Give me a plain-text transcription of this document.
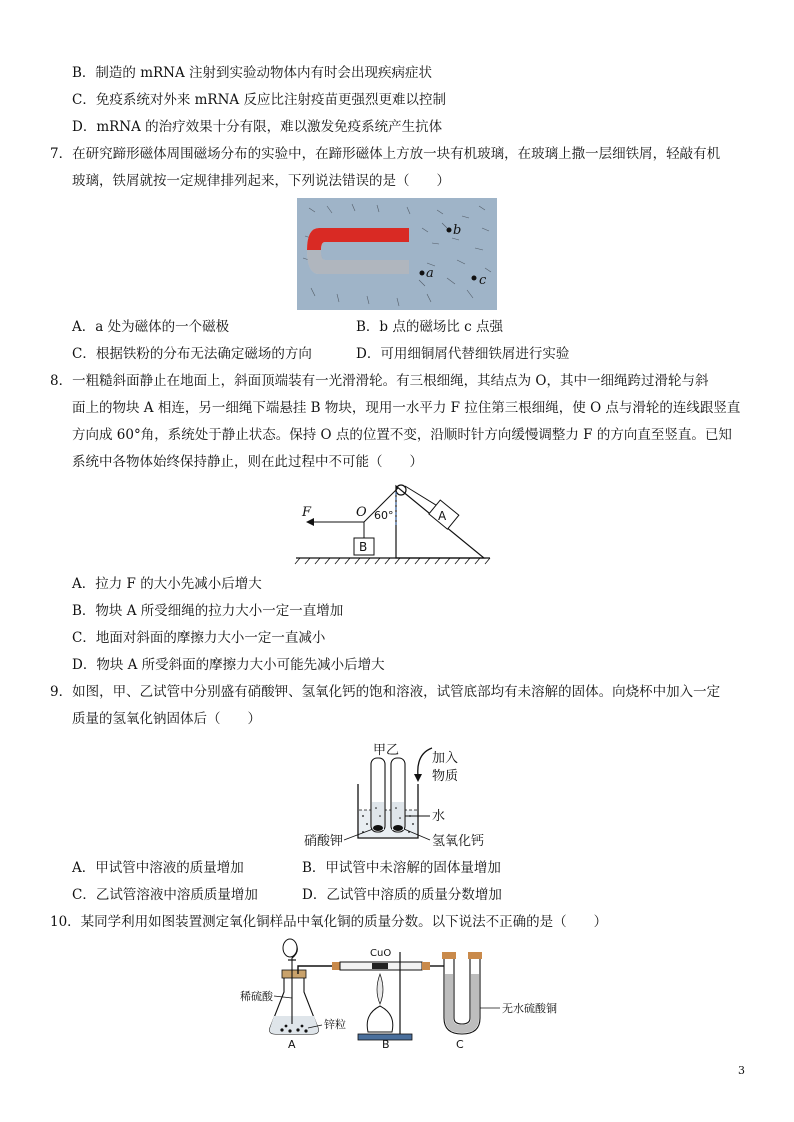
B．制造的 mRNA 注射到实验动物体内有时会出现疾病症状
C．免疫系统对外来 mRNA 反应比注射疫苗更强烈更难以控制
D．mRNA 的治疗效果十分有限，难以激发免疫系统产生抗体
7．在研究蹄形磁体周围磁场分布的实验中，在蹄形磁体上方放一块有机玻璃，在玻璃上撒一层细铁屑，轻敲有机
玻璃，铁屑就按一定规律排列起来，下列说法错误的是（　　）
b
a	c
A．a 处为磁体的一个磁极	B．b 点的磁场比 c 点强
C．根据铁粉的分布无法确定磁场的方向	D．可用细铜屑代替细铁屑进行实验
8．一粗糙斜面静止在地面上，斜面顶端装有一光滑滑轮。有三根细绳，其结点为 O，其中一细绳跨过滑轮与斜
面上的物块 A 相连，另一细绳下端悬挂 B 物块，现用一水平力 F 拉住第三根细绳，使 O 点与滑轮的连线跟竖直
方向成 60°角，系统处于静止状态。保持 O 点的位置不变，沿顺时针方向缓慢调整力 F 的方向直至竖直。已知
系统中各物体始终保持静止，则在此过程中不可能（　　）
A
F	O 60°
B
A．拉力 F 的大小先减小后增大
B．物块 A 所受细绳的拉力大小一定一直增加
C．地面对斜面的摩擦力大小一定一直减小
D．物块 A 所受斜面的摩擦力大小可能先减小后增大
9．如图，甲、乙试管中分别盛有硝酸钾、氢氧化钙的饱和溶液，试管底部均有未溶解的固体。向烧杯中加入一定
质量的氢氧化钠固体后（　　）
甲乙
加入
物质
水
氢氧化钙
硝酸钾
A．甲试管中溶液的质量增加	B．甲试管中未溶解的固体量增加
C．乙试管溶液中溶质质量增加	D．乙试管中溶质的质量分数增加
10．某同学利用如图装置测定氧化铜样品中氧化铜的质量分数。以下说法不正确的是（　　）
CuO
无水硫酸铜
稀硫酸
锌粒
A	B	C
3
